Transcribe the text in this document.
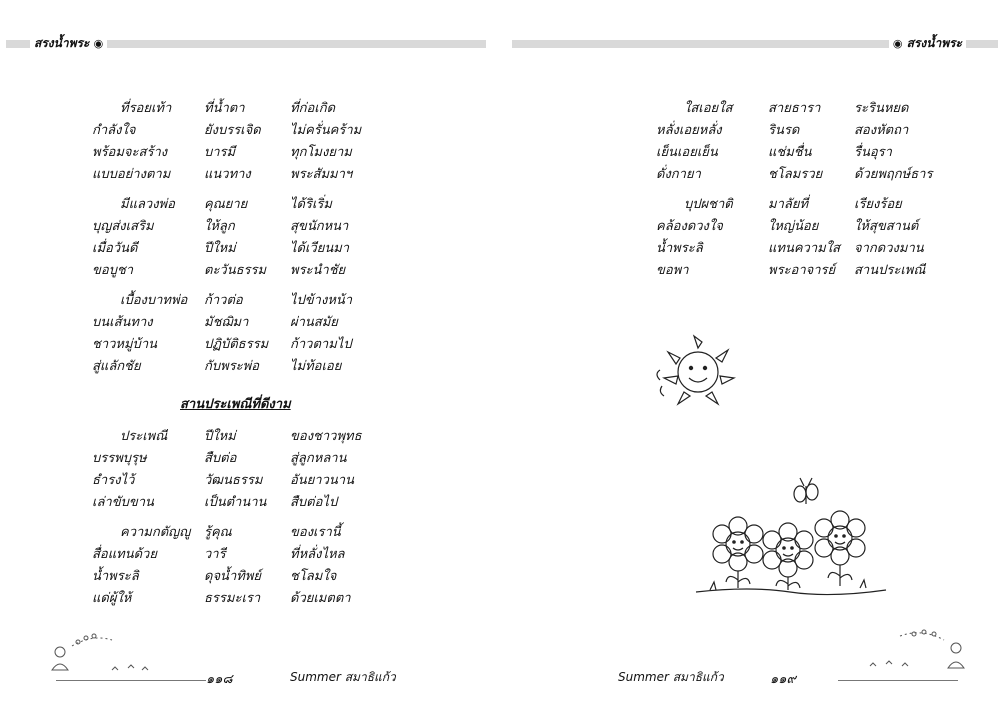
สรงน้ำพระ ◉	◉ สรงน้ำพระ
ที่รอยเท้า	ที่น้ำตา	ที่ก่อเกิด
กำลังใจ	ยังบรรเจิด	ไม่ครั่นคร้าม
พร้อมจะสร้าง	บารมี	ทุกโมงยาม
แบบอย่างตาม	แนวทาง	พระสัมมาฯ
มีแลวงพ่อ	คุณยาย	ได้ริเริ่ม
บุญส่งเสริม	ให้ลูก	สุขนักหนา
เมื่อวันดี	ปีใหม่	ได้เวียนมา
ขอบูชา	ตะวันธรรม	พระนำชัย
เบื้องบาทพ่อ	ก้าวต่อ	ไปข้างหน้า
บนเส้นทาง	มัชฌิมา	ผ่านสมัย
ชาวหมู่บ้าน	ปฏิบัติธรรม	ก้าวตามไป
สู่แลักชัย	กับพระพ่อ	ไม่ท้อเอย
สานประเพณีที่ดีงาม
ประเพณี	ปีใหม่	ของชาวพุทธ
บรรพบุรุษ	สืบต่อ	สู่ลูกหลาน
ธำรงไว้	วัฒนธรรม	อันยาวนาน
เล่าขับขาน	เป็นตำนาน	สืบต่อไป
ความกตัญญู	รู้คุณ	ของเรานี้
สื่อแทนด้วย	วารี	ที่หลั่งไหล
น้ำพระลิ	ดุจน้ำทิพย์	ชโลมใจ
แด่ผู้ให้	ธรรมะเรา	ด้วยเมตตา
ใสเอยใส	สายธารา	ระรินหยด
หลั่งเอยหลั่ง	ริน​รด	สองหัตถา
เย็นเอยเย็น	แช่มชื่น	รื่นอุรา
ดั่งกายา	ชโลมรวย	ด้วยพฤกษ์ธาร
บุปผชาติ	มาลัยที่	เรียงร้อย
คล้องดวงใจ	ใหญ่น้อย	ให้สุขสานต์
น้ำพระลิ	แทนความใส	จากดวงมาน
ขอพา	พระอาจารย์	สานประเพณี
๑๑๘	Summer สมาธิแก้ว	Summer สมาธิแก้ว	๑๑๙
